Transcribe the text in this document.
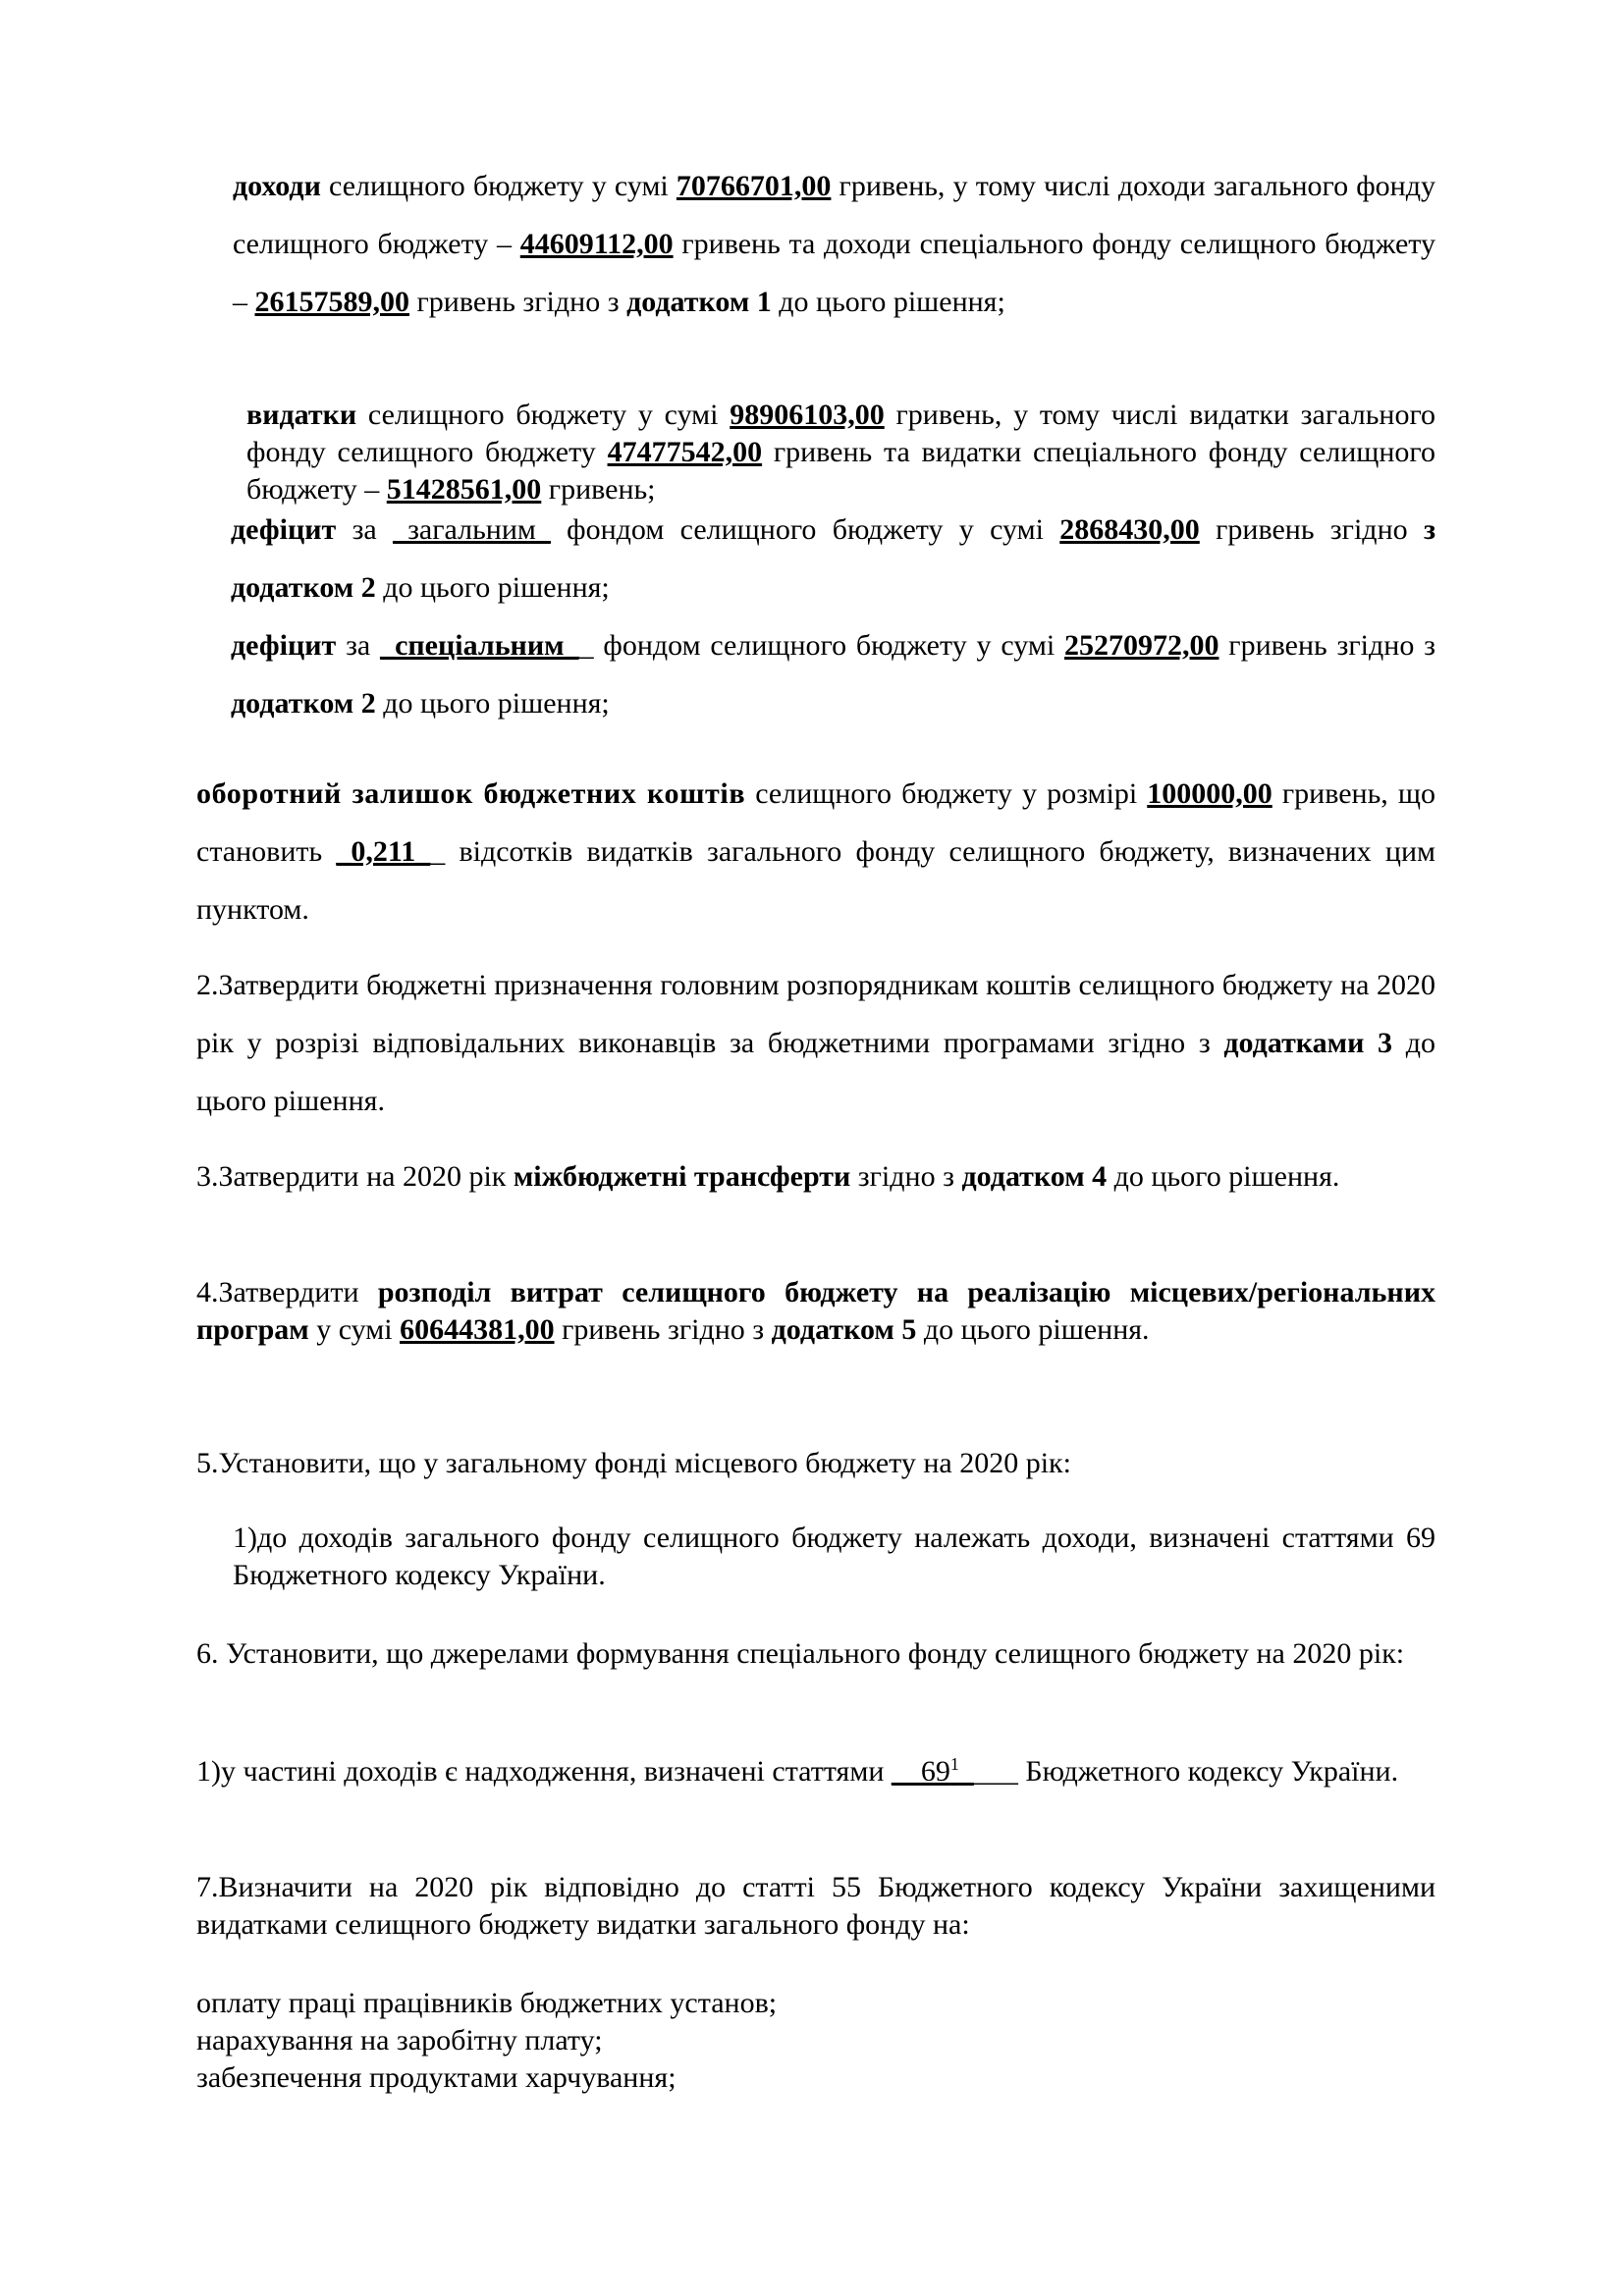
доходи селищного бюджету у сумі 70766701,00 гривень, у тому числі доходи загального фонду селищного бюджету – 44609112,00 гривень та доходи спеціального фонду селищного бюджету – 26157589,00 гривень згідно з додатком 1 до цього рішення;

видатки селищного бюджету у сумі 98906103,00 гривень, у тому числі видатки загального фонду селищного бюджету 47477542,00 гривень та видатки спеціального фонду селищного бюджету – 51428561,00 гривень;

дефіцит за _загальним_ фондом селищного бюджету у сумі 2868430,00 гривень згідно з додатком 2 до цього рішення;

дефіцит за _спеціальним__ фондом селищного бюджету у сумі 25270972,00 гривень згідно з додатком 2 до цього рішення;

оборотний залишок бюджетних коштів селищного бюджету у розмірі 100000,00 гривень, що становить _0,211__ відсотків видатків загального фонду селищного бюджету, визначених цим пунктом.

2.Затвердити бюджетні призначення головним розпорядникам коштів селищного бюджету на 2020 рік у розрізі відповідальних виконавців за бюджетними програмами згідно з додатками 3 до цього рішення.

3.Затвердити на 2020 рік міжбюджетні трансферти згідно з додатком 4 до цього рішення.

4.Затвердити розподіл витрат селищного бюджету на реалізацію місцевих/регіональних програм у сумі 60644381,00 гривень згідно з додатком 5 до цього рішення.

5.Установити, що у загальному фонді місцевого бюджету на 2020 рік:

1)до доходів загального фонду селищного бюджету належать доходи, визначені статтями 69 Бюджетного кодексу України.

6. Установити, що джерелами формування спеціального фонду селищного бюджету на 2020 рік:

1)у частині доходів є надходження, визначені статтями $\_\_69^1\_\_\_\_$ Бюджетного кодексу України.

7.Визначити на 2020 рік відповідно до статті 55 Бюджетного кодексу України захищеними видатками селищного бюджету видатки загального фонду на:

оплату праці працівників бюджетних установ;
нарахування на заробітну плату;
забезпечення продуктами харчування;
